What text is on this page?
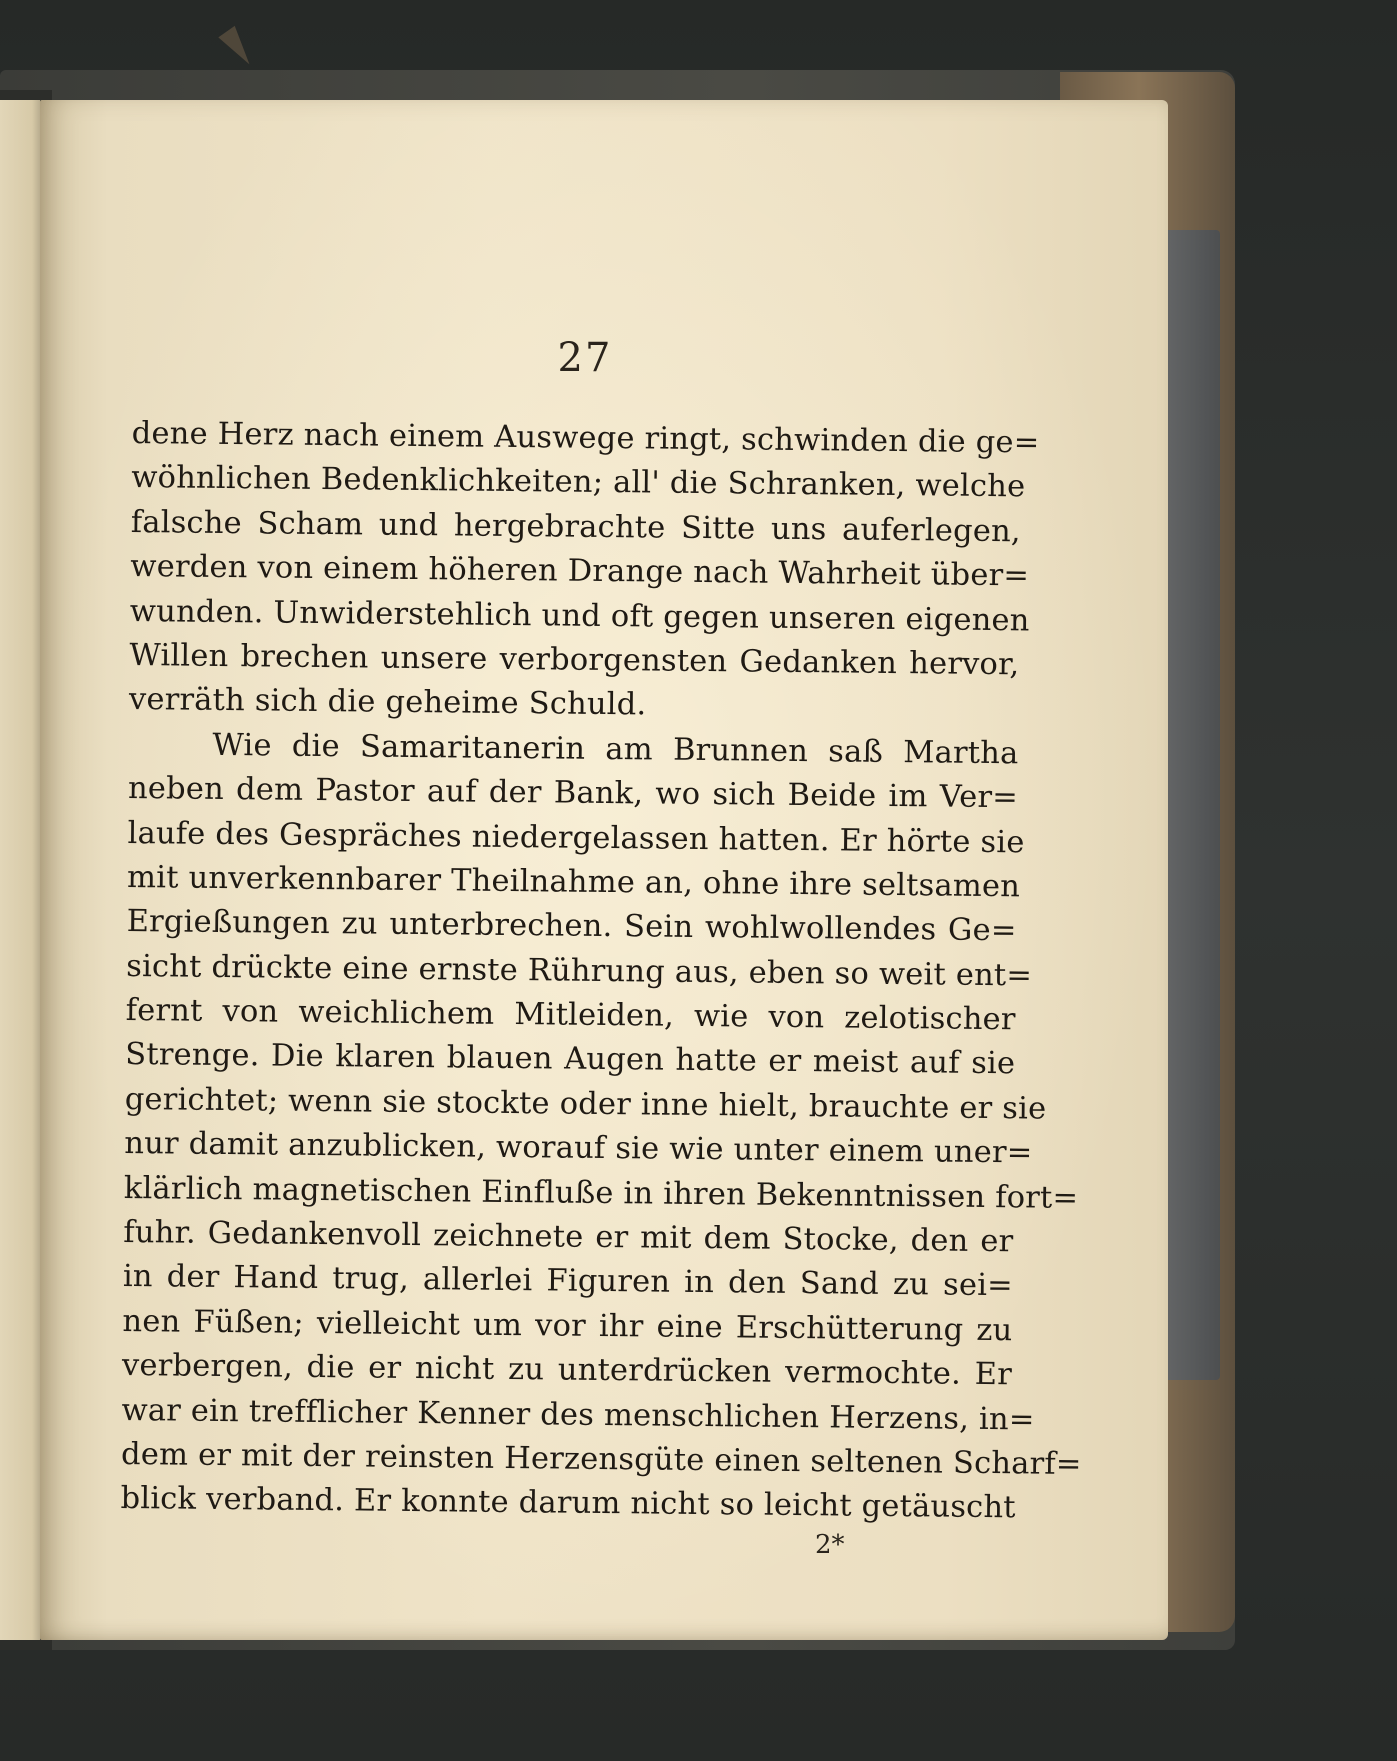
27
dene Herz nach einem Auswege ringt, schwinden die ge=
wöhnlichen Bedenklichkeiten; all' die Schranken, welche
falsche Scham und hergebrachte Sitte uns auferlegen,
werden von einem höheren Drange nach Wahrheit über=
wunden. Unwiderstehlich und oft gegen unseren eigenen
Willen brechen unsere verborgensten Gedanken hervor,
verräth sich die geheime Schuld.
Wie die Samaritanerin am Brunnen saß Martha
neben dem Pastor auf der Bank, wo sich Beide im Ver=
laufe des Gespräches niedergelassen hatten. Er hörte sie
mit unverkennbarer Theilnahme an, ohne ihre seltsamen
Ergießungen zu unterbrechen. Sein wohlwollendes Ge=
sicht drückte eine ernste Rührung aus, eben so weit ent=
fernt von weichlichem Mitleiden, wie von zelotischer
Strenge. Die klaren blauen Augen hatte er meist auf sie
gerichtet; wenn sie stockte oder inne hielt, brauchte er sie
nur damit anzublicken, worauf sie wie unter einem uner=
klärlich magnetischen Einfluße in ihren Bekenntnissen fort=
fuhr. Gedankenvoll zeichnete er mit dem Stocke, den er
in der Hand trug, allerlei Figuren in den Sand zu sei=
nen Füßen; vielleicht um vor ihr eine Erschütterung zu
verbergen, die er nicht zu unterdrücken vermochte. Er
war ein trefflicher Kenner des menschlichen Herzens, in=
dem er mit der reinsten Herzensgüte einen seltenen Scharf=
blick verband. Er konnte darum nicht so leicht getäuscht
2*
